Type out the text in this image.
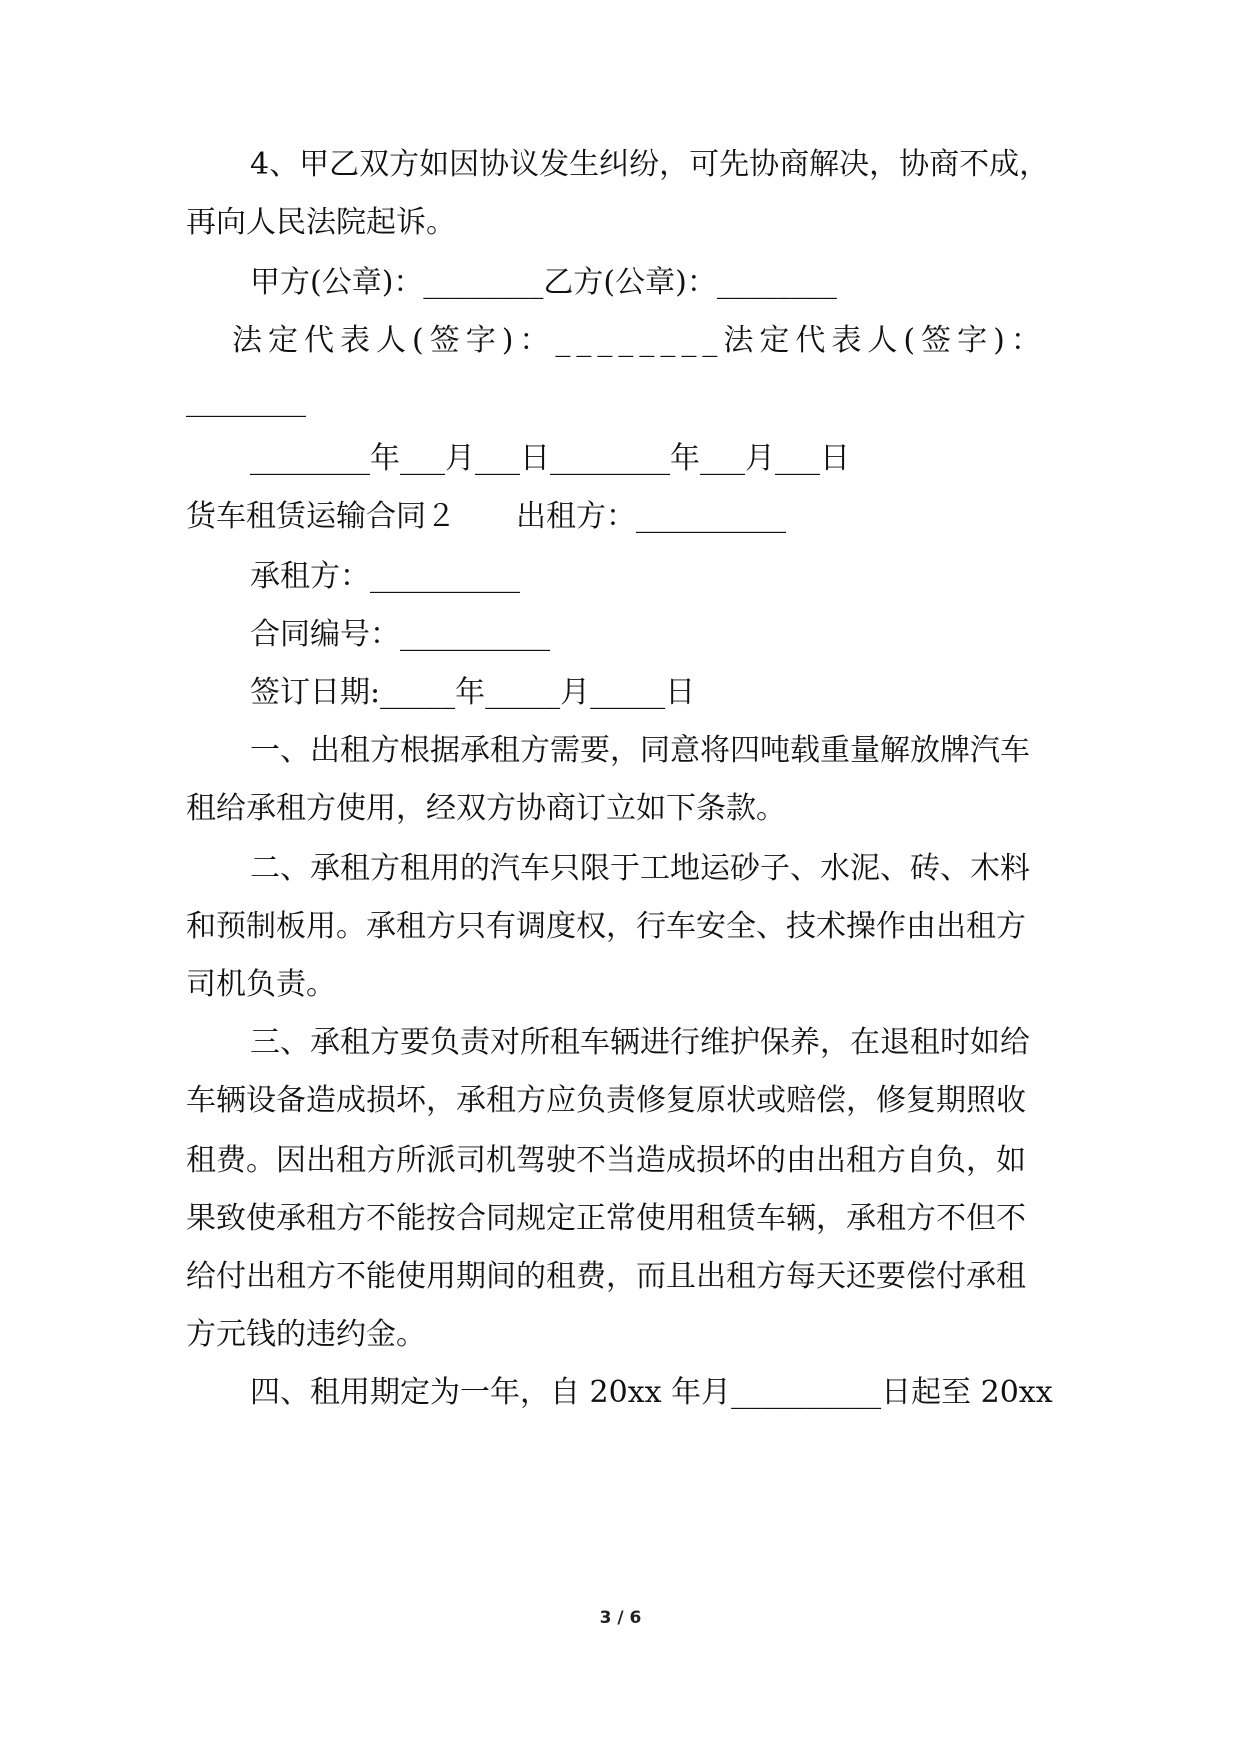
4、甲乙双方如因协议发生纠纷，可先协商解决，协商不成，
再向人民法院起诉。
甲方(公章)：________乙方(公章)：________
法定代表人(签字)：________法定代表人(签字)：
________
________年___月___日________年___月___日
货车租赁运输合同２　　出租方：__________
承租方：__________
合同编号：__________
签订日期:_____年_____月_____日
一、出租方根据承租方需要，同意将四吨载重量解放牌汽车
租给承租方使用，经双方协商订立如下条款。
二、承租方租用的汽车只限于工地运砂子、水泥、砖、木料
和预制板用。承租方只有调度权，行车安全、技术操作由出租方
司机负责。
三、承租方要负责对所租车辆进行维护保养，在退租时如给
车辆设备造成损坏，承租方应负责修复原状或赔偿，修复期照收
租费。因出租方所派司机驾驶不当造成损坏的由出租方自负，如
果致使承租方不能按合同规定正常使用租赁车辆，承租方不但不
给付出租方不能使用期间的租费，而且出租方每天还要偿付承租
方元钱的违约金。
四、租用期定为一年，自 20xx 年月__________日起至 20xx
3 / 6
